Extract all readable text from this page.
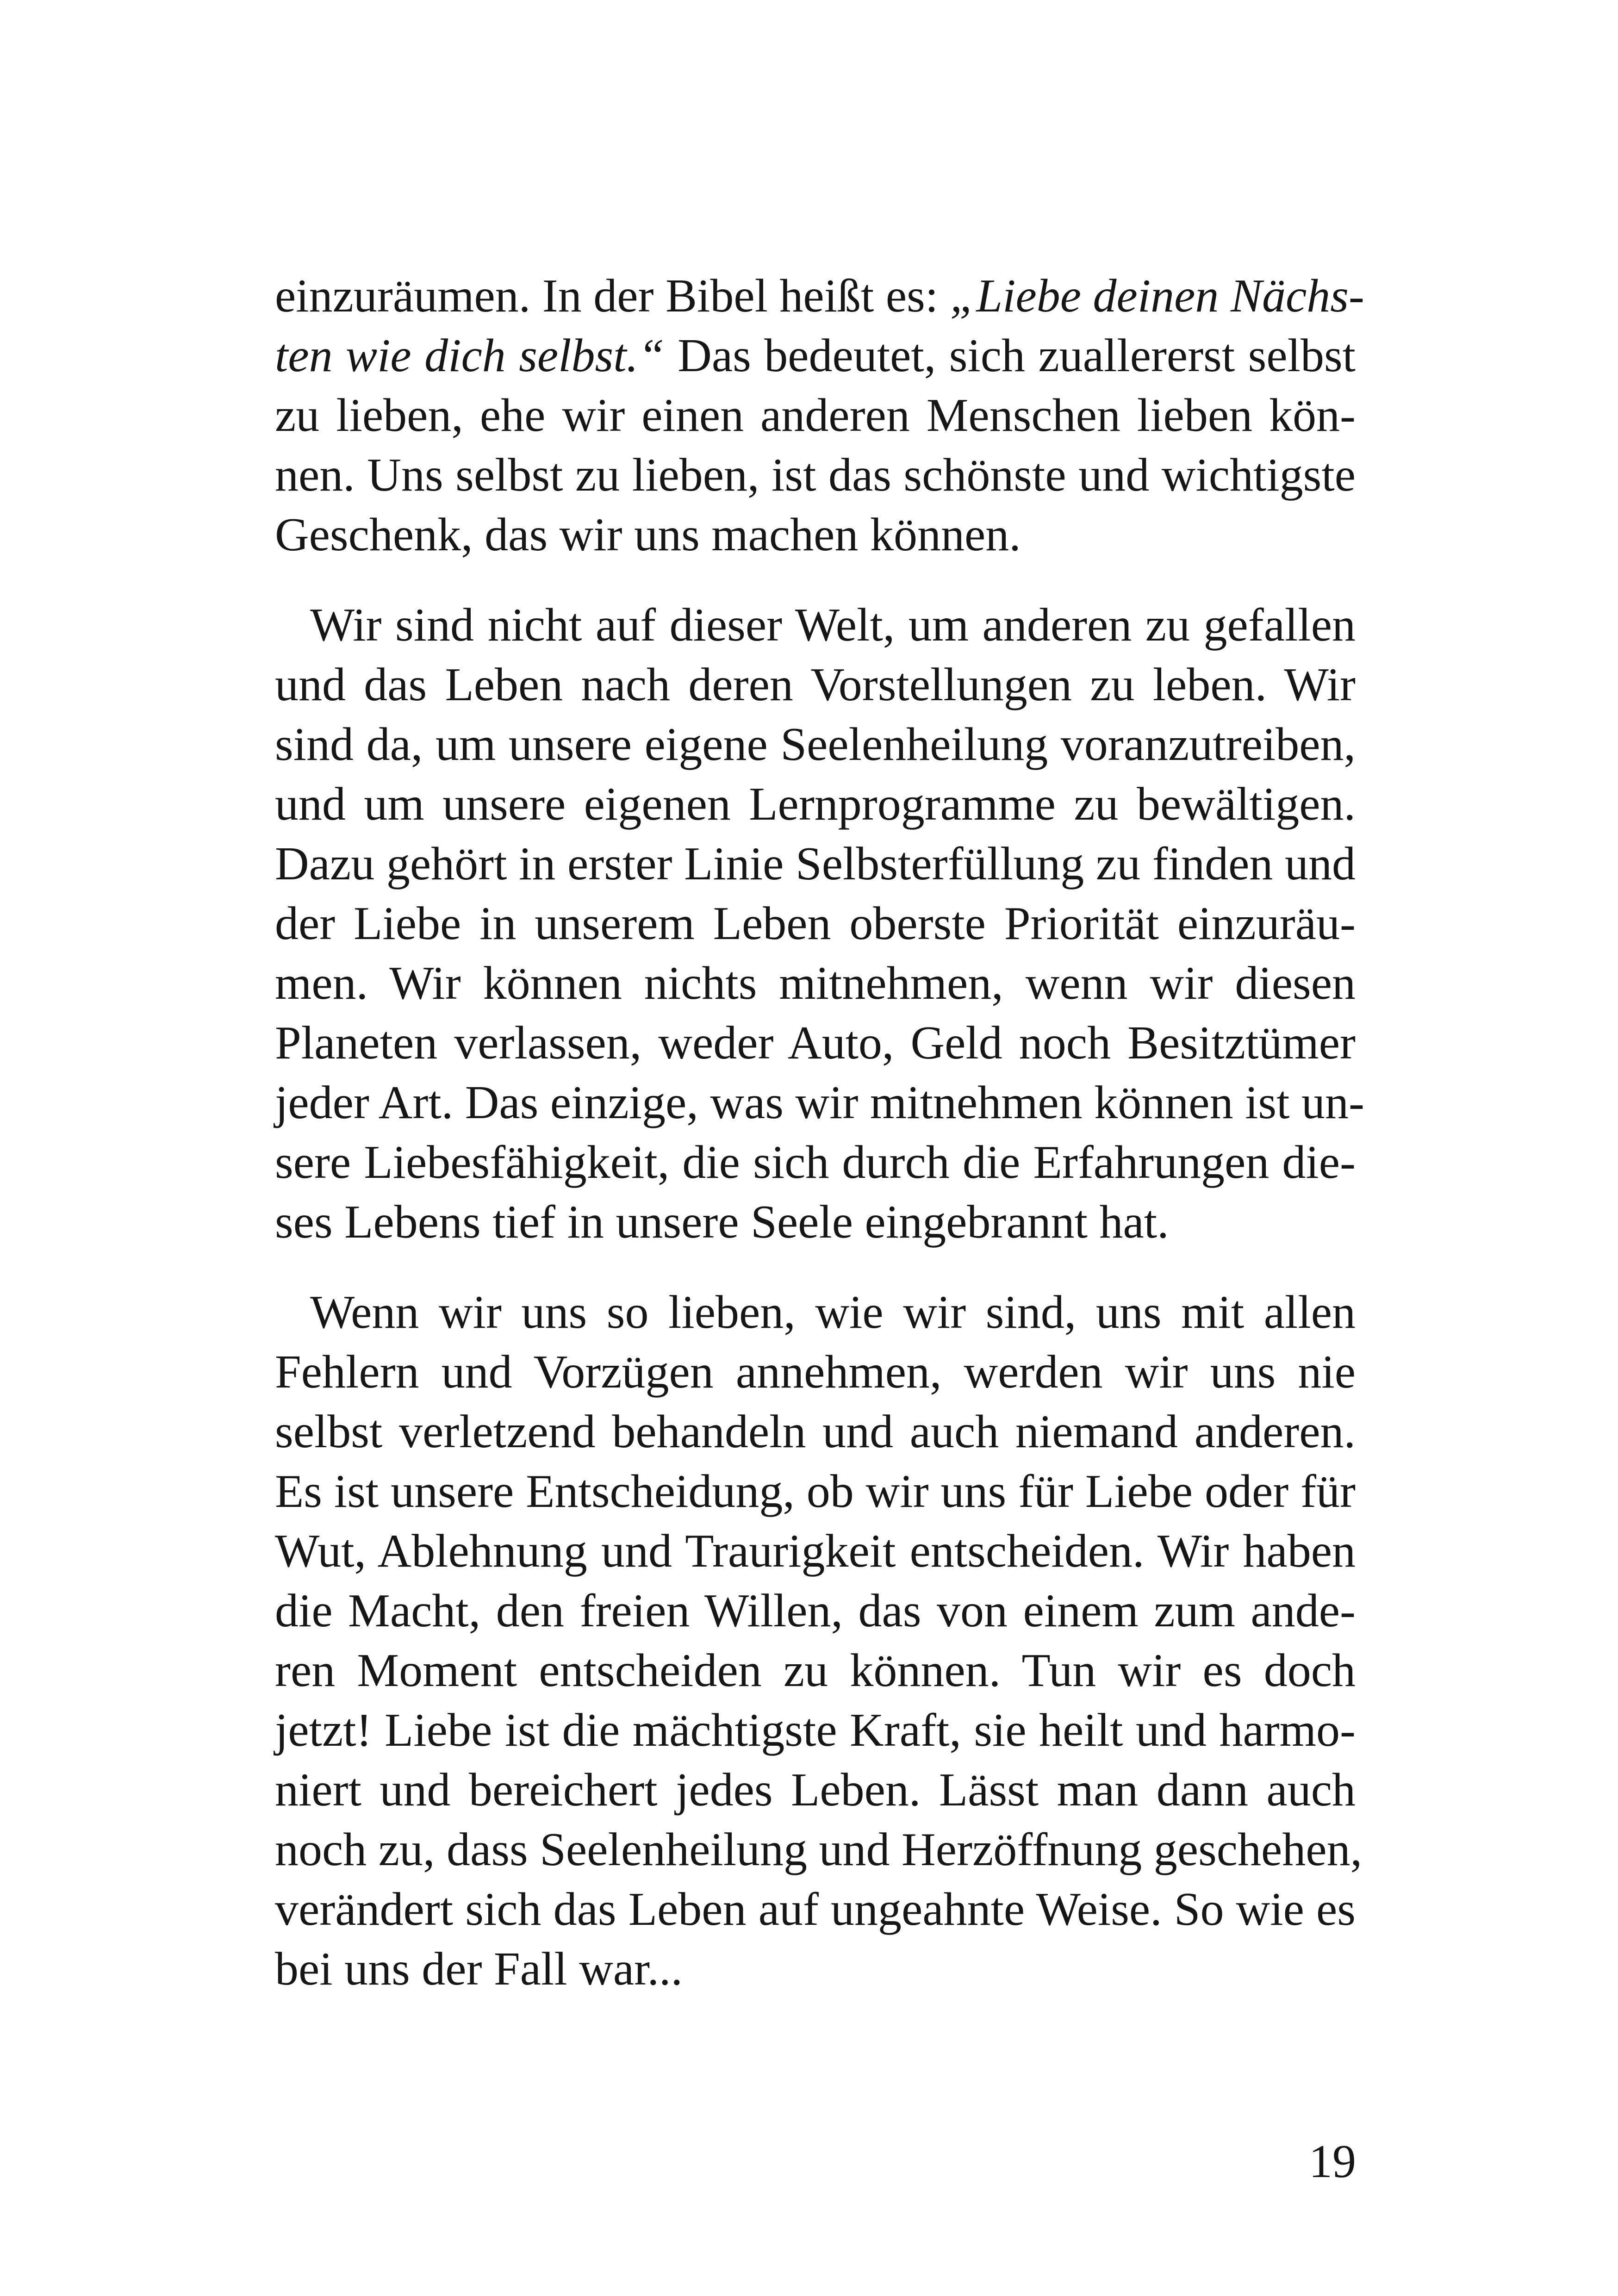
einzuräumen. In der Bibel heißt es: „Liebe deinen Nächs-
ten wie dich selbst.“ Das bedeutet, sich zuallererst selbst
zu lieben, ehe wir einen anderen Menschen lieben kön-
nen. Uns selbst zu lieben, ist das schönste und wichtigste
Geschenk, das wir uns machen können.
Wir sind nicht auf dieser Welt, um anderen zu gefallen
und das Leben nach deren Vorstellungen zu leben. Wir
sind da, um unsere eigene Seelenheilung voranzutreiben,
und um unsere eigenen Lernprogramme zu bewältigen.
Dazu gehört in erster Linie Selbsterfüllung zu finden und
der Liebe in unserem Leben oberste Priorität einzuräu-
men. Wir können nichts mitnehmen, wenn wir diesen
Planeten verlassen, weder Auto, Geld noch Besitztümer
jeder Art. Das einzige, was wir mitnehmen können ist un-
sere Liebesfähigkeit, die sich durch die Erfahrungen die-
ses Lebens tief in unsere Seele eingebrannt hat.
Wenn wir uns so lieben, wie wir sind, uns mit allen
Fehlern und Vorzügen annehmen, werden wir uns nie
selbst verletzend behandeln und auch niemand anderen.
Es ist unsere Entscheidung, ob wir uns für Liebe oder für
Wut, Ablehnung und Traurigkeit entscheiden. Wir haben
die Macht, den freien Willen, das von einem zum ande-
ren Moment entscheiden zu können. Tun wir es doch
jetzt! Liebe ist die mächtigste Kraft, sie heilt und harmo-
niert und bereichert jedes Leben. Lässt man dann auch
noch zu, dass Seelenheilung und Herzöffnung geschehen,
verändert sich das Leben auf ungeahnte Weise. So wie es
bei uns der Fall war...
19
